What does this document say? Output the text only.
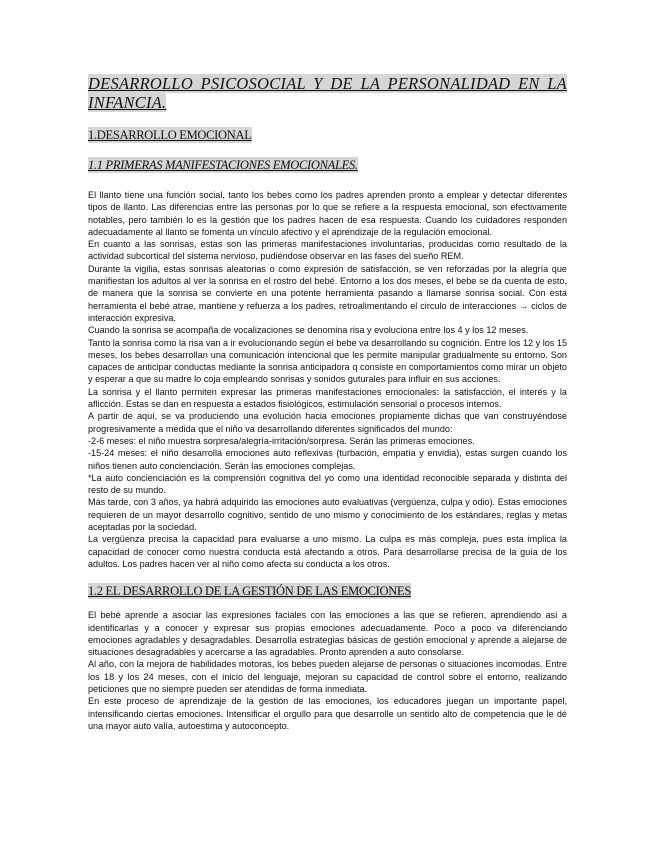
DESARROLLO PSICOSOCIAL Y DE LA PERSONALIDAD EN LA INFANCIA.
1.DESARROLLO EMOCIONAL
1.1 PRIMERAS MANIFESTACIONES EMOCIONALES.

El llanto tiene una función social, tanto los bebes como los padres aprenden pronto a emplear y detectar diferentes tipos de llanto. Las diferencias entre las personas por lo que se refiere a la respuesta emocional, son efectivamente notables, pero también lo es la gestión que los padres hacen de esa respuesta. Cuando los cuidadores responden adecuadamente al llanto se fomenta un vínculo afectivo y el aprendizaje de la regulación emocional.

En cuanto a las sonrisas, estas son las primeras manifestaciones involuntarias, producidas como resultado de la actividad subcortical del sistema nervioso, pudiéndose observar en las fases del sueño REM.

Durante la vigilia, estas sonrisas aleatorias o como expresión de satisfacción, se ven reforzadas por la alegría que manifiestan los adultos al ver la sonrisa en el rostro del bebé. Entorno a los dos meses, el bebe se da cuenta de esto, de manera que la sonrisa se convierte en una potente herramienta pasando a llamarse sonrisa social. Con esta herramienta el bebé atrae, mantiene y refuerza a los padres, retroalimentando el circulo de interacciones → ciclos de interacción expresiva.

Cuando la sonrisa se acompaña de vocalizaciones se denomina risa y evoluciona entre los 4 y los 12 meses.

Tanto la sonrisa como la risa van a ir evolucionando según el bebe va desarrollando su cognición. Entre los 12 y los 15 meses, los bebes desarrollan una comunicación intencional que les permite manipular gradualmente su entorno. Son capaces de anticipar conductas mediante la sonrisa anticipadora q consiste en comportamientos como mirar un objeto y esperar a que su madre lo coja empleando sonrisas y sonidos guturales para influir en sus acciones.

La sonrisa y el llanto permiten expresar las primeras manifestaciones emocionales: la satisfacción, el interés y la aflicción. Estas se dan en respuesta a estados fisiológicos, estimulación sensorial o procesos internos.

A partir de aquí, se va produciendo una evolución hacia emociones propiamente dichas que van construyéndose progresivamente a medida que el niño va desarrollando diferentes significados del mundo:

-2-6 meses: el niño muestra sorpresa/alegría-irritación/sorpresa. Serán las primeras emociones.

-15-24 meses: el niño desarrolla emociones auto reflexivas (turbación, empatía y envidia), estas surgen cuando los niños tienen auto concienciación. Serán las emociones complejas.

*La auto concienciación es la comprensión cognitiva del yo como una identidad reconocible separada y distinta del resto de su mundo.

Más tarde, con 3 años, ya habrá adquirido las emociones auto evaluativas (vergüenza, culpa y odio). Estas emociones requieren de un mayor desarrollo cognitivo, sentido de uno mismo y conocimiento de los estándares, reglas y metas aceptadas por la sociedad.

La vergüenza precisa la capacidad para evaluarse a uno mismo. La culpa es más compleja, pues esta implica la capacidad de conocer como nuestra conducta está afectando a otros. Para desarrollarse precisa de la guía de los adultos. Los padres hacen ver al niño como afecta su conducta a los otros.

1.2 EL DESARROLLO DE LA GESTIÓN DE LAS EMOCIONES

El bebé aprende a asociar las expresiones faciales con las emociones a las que se refieren, aprendiendo así a identificarlas y a conocer y expresar sus propias emociones adecuadamente. Poco a poco va diferenciando emociones agradables y desagradables. Desarrolla estrategias básicas de gestión emocional y aprende a alejarse de situaciones desagradables y acercarse a las agradables. Pronto aprenden a auto consolarse.

Al año, con la mejora de habilidades motoras, los bebes pueden alejarse de personas o situaciones incomodas. Entre los 18 y los 24 meses, con el inicio del lenguaje, mejoran su capacidad de control sobre el entorno, realizando peticiones que no siempre pueden ser atendidas de forma inmediata.

En este proceso de aprendizaje de la gestión de las emociones, los educadores juegan un importante papel, intensificando ciertas emociones. Intensificar el orgullo para que desarrolle un sentido alto de competencia que le dé una mayor auto valía, autoestima y autoconcepto.
